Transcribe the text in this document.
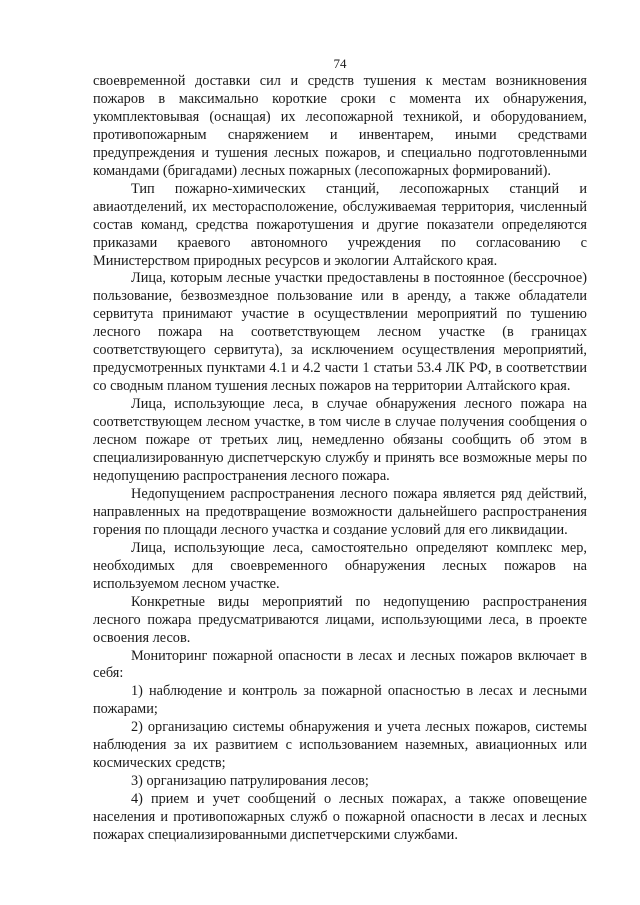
74

своевременной доставки сил и средств тушения к местам возникновения пожаров в максимально короткие сроки с момента их обнаружения, укомплектовывая (оснащая) их лесопожарной техникой, и оборудованием, противопожарным снаряжением и инвентарем, иными средствами предупреждения и тушения лесных пожаров, и специально подготовленными командами (бригадами) лесных пожарных (лесопожарных формирований).

Тип пожарно-химических станций, лесопожарных станций и авиаотделений, их месторасположение, обслуживаемая территория, численный состав команд, средства пожаротушения и другие показатели определяются приказами краевого автономного учреждения по согласованию с Министерством природных ресурсов и экологии Алтайского края.

Лица, которым лесные участки предоставлены в постоянное (бессрочное) пользование, безвозмездное пользование или в аренду, а также обладатели сервитута принимают участие в осуществлении мероприятий по тушению лесного пожара на соответствующем лесном участке (в границах соответствующего сервитута), за исключением осуществления мероприятий, предусмотренных пунктами 4.1 и 4.2 части 1 статьи 53.4 ЛК РФ, в соответствии со сводным планом тушения лесных пожаров на территории Алтайского края.

Лица, использующие леса, в случае обнаружения лесного пожара на соответствующем лесном участке, в том числе в случае получения сообщения о лесном пожаре от третьих лиц, немедленно обязаны сообщить об этом в специализированную диспетчерскую службу и принять все возможные меры по недопущению распространения лесного пожара.

Недопущением распространения лесного пожара является ряд действий, направленных на предотвращение возможности дальнейшего распространения горения по площади лесного участка и создание условий для его ликвидации.

Лица, использующие леса, самостоятельно определяют комплекс мер, необходимых для своевременного обнаружения лесных пожаров на используемом лесном участке.

Конкретные виды мероприятий по недопущению распространения лесного пожара предусматриваются лицами, использующими леса, в проекте освоения лесов.

Мониторинг пожарной опасности в лесах и лесных пожаров включает в себя:

1) наблюдение и контроль за пожарной опасностью в лесах и лесными пожарами;

2) организацию системы обнаружения и учета лесных пожаров, системы наблюдения за их развитием с использованием наземных, авиационных или космических средств;

3) организацию патрулирования лесов;

4) прием и учет сообщений о лесных пожарах, а также оповещение населения и противопожарных служб о пожарной опасности в лесах и лесных пожарах специализированными диспетчерскими службами.
